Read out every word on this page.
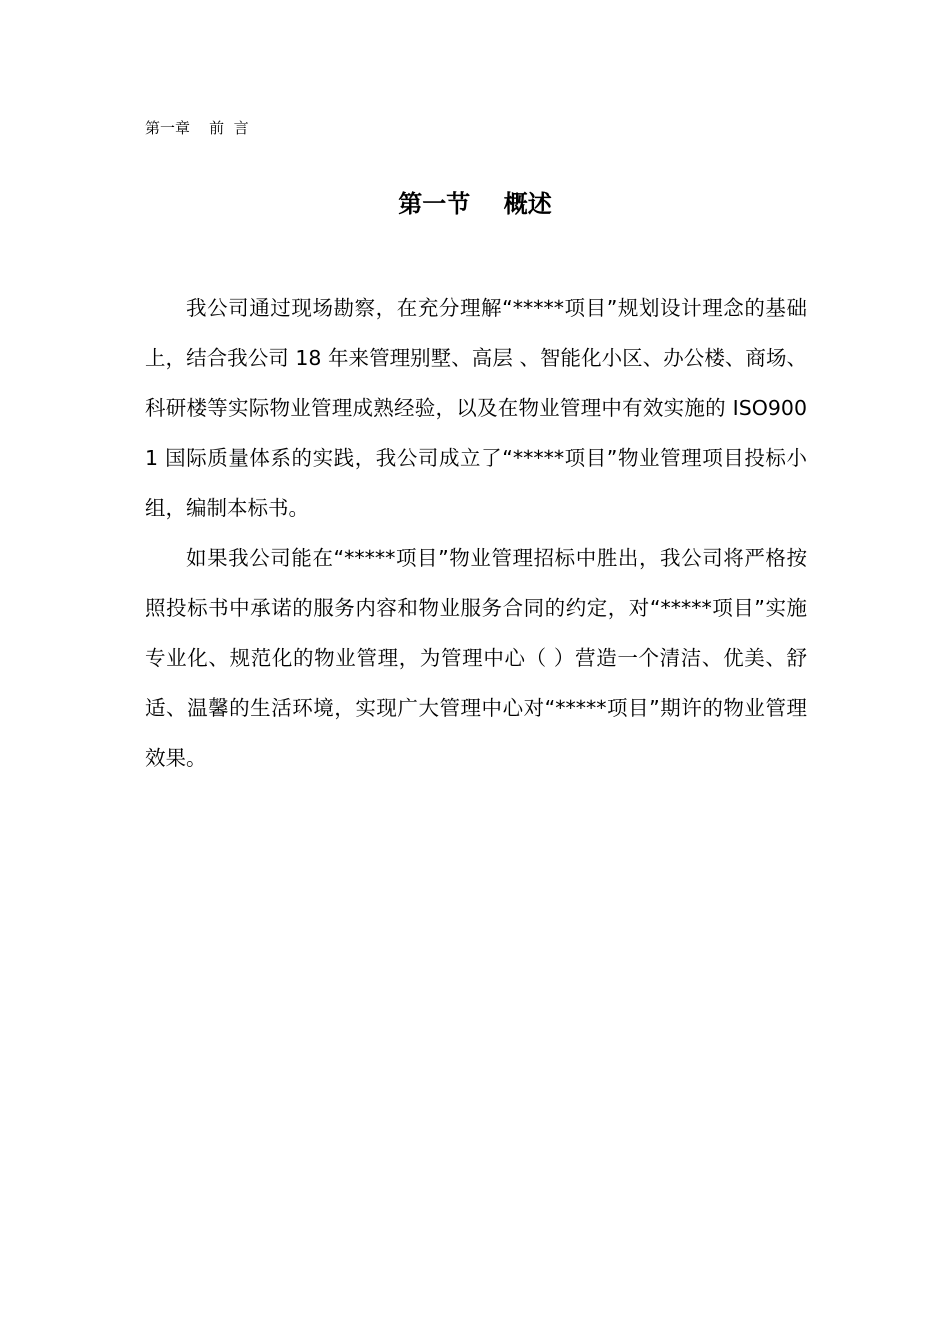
第一章    前  言
第一节    概述

我公司通过现场勘察，在充分理解“*****项目”规划设计理念的基础上，结合我公司 18 年来管理别墅、高层 、智能化小区、办公楼、商场、科研楼等实际物业管理成熟经验，以及在物业管理中有效实施的 ISO9001 国际质量体系的实践，我公司成立了“*****项目”物业管理项目投标小组，编制本标书。

如果我公司能在“*****项目”物业管理招标中胜出，我公司将严格按照投标书中承诺的服务内容和物业服务合同的约定，对“*****项目”实施专业化、规范化的物业管理，为管理中心（ ）营造一个清洁、优美、舒适、温馨的生活环境，实现广大管理中心对“*****项目”期许的物业管理效果。
